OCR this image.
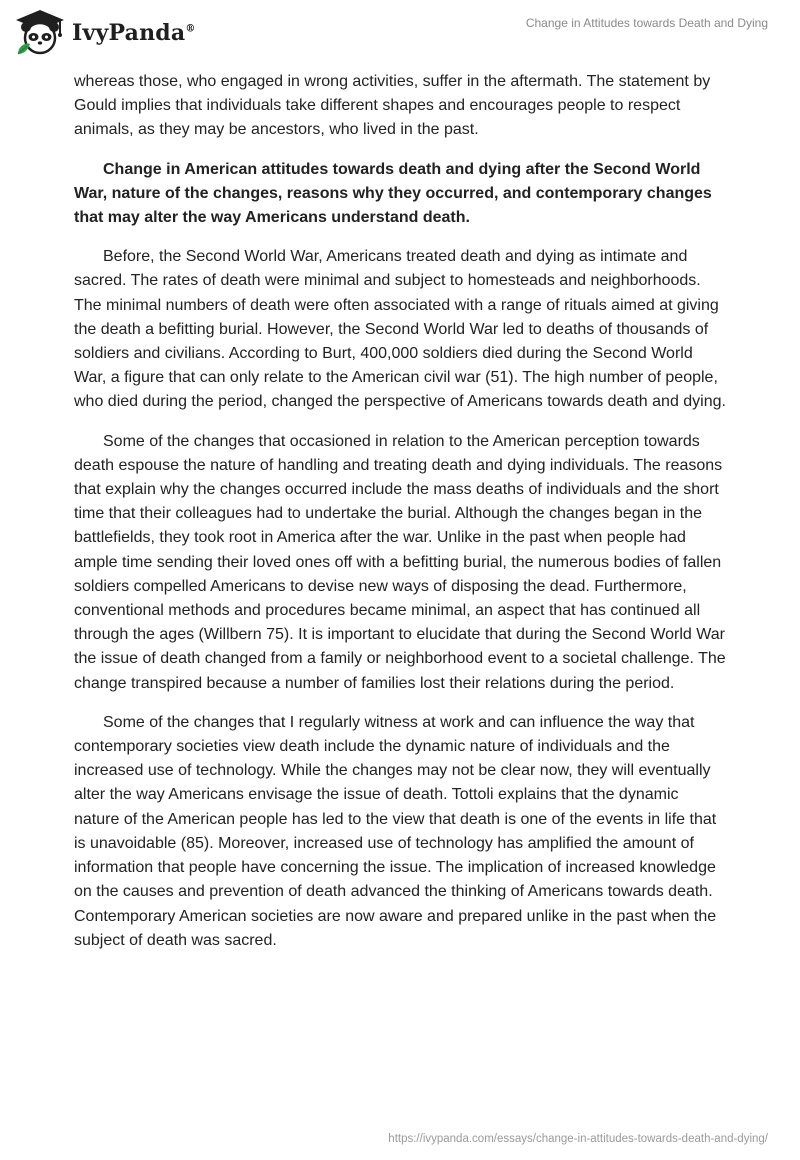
IvyPanda®	Change in Attitudes towards Death and Dying

whereas those, who engaged in wrong activities, suffer in the aftermath. The statement by Gould implies that individuals take different shapes and encourages people to respect animals, as they may be ancestors, who lived in the past.

Change in American attitudes towards death and dying after the Second World War, nature of the changes, reasons why they occurred, and contemporary changes that may alter the way Americans understand death.

Before, the Second World War, Americans treated death and dying as intimate and sacred. The rates of death were minimal and subject to homesteads and neighborhoods. The minimal numbers of death were often associated with a range of rituals aimed at giving the death a befitting burial. However, the Second World War led to deaths of thousands of soldiers and civilians. According to Burt, 400,000 soldiers died during the Second World War, a figure that can only relate to the American civil war (51). The high number of people, who died during the period, changed the perspective of Americans towards death and dying.

Some of the changes that occasioned in relation to the American perception towards death espouse the nature of handling and treating death and dying individuals. The reasons that explain why the changes occurred include the mass deaths of individuals and the short time that their colleagues had to undertake the burial. Although the changes began in the battlefields, they took root in America after the war. Unlike in the past when people had ample time sending their loved ones off with a befitting burial, the numerous bodies of fallen soldiers compelled Americans to devise new ways of disposing the dead. Furthermore, conventional methods and procedures became minimal, an aspect that has continued all through the ages (Willbern 75). It is important to elucidate that during the Second World War the issue of death changed from a family or neighborhood event to a societal challenge. The change transpired because a number of families lost their relations during the period.

Some of the changes that I regularly witness at work and can influence the way that contemporary societies view death include the dynamic nature of individuals and the increased use of technology. While the changes may not be clear now, they will eventually alter the way Americans envisage the issue of death. Tottoli explains that the dynamic nature of the American people has led to the view that death is one of the events in life that is unavoidable (85). Moreover, increased use of technology has amplified the amount of information that people have concerning the issue. The implication of increased knowledge on the causes and prevention of death advanced the thinking of Americans towards death. Contemporary American societies are now aware and prepared unlike in the past when the subject of death was sacred.

https://ivypanda.com/essays/change-in-attitudes-towards-death-and-dying/
